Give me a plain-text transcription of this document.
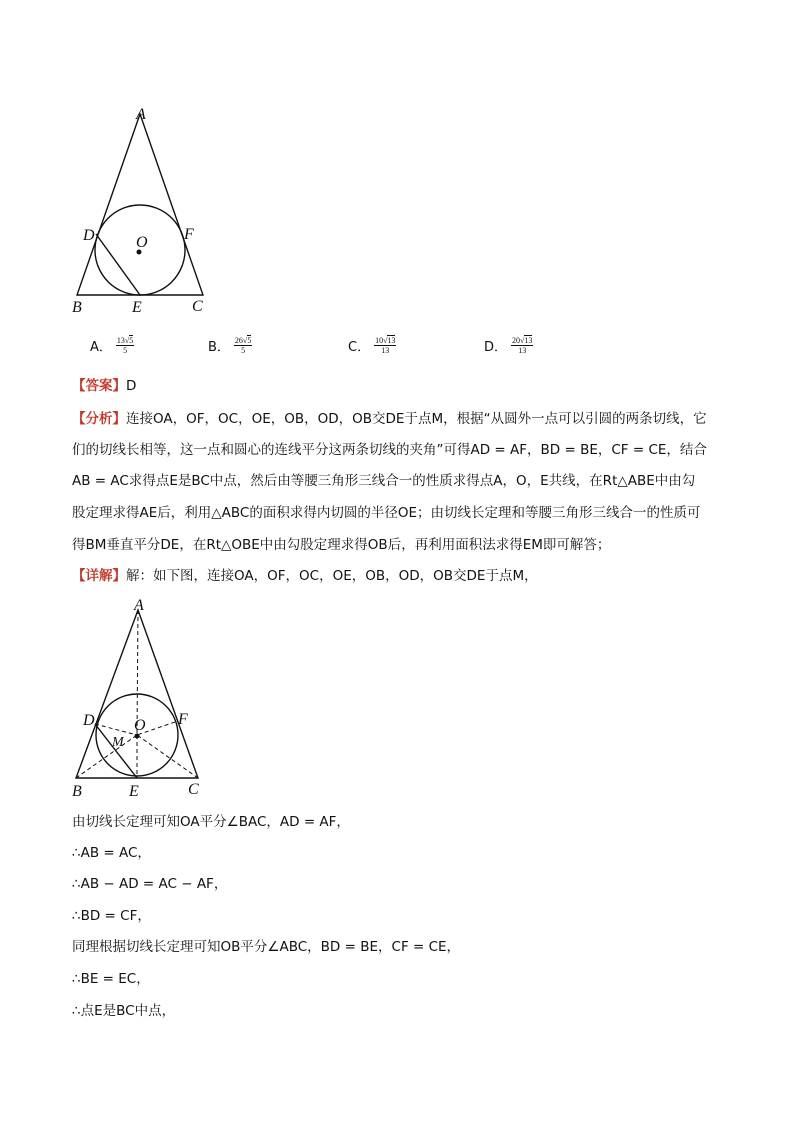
A
B	C
D
E
F
O
A． $\frac{13√5}{5}$	B． $\frac{26√5}{5}$	C． $\frac{10√13}{13}$	D． $\frac{20√13}{13}$
【答案】D
【分析】连接OA，OF，OC，OE，OB，OD，OB交DE于点M，根据“从圆外一点可以引圆的两条切线，它
们的切线长相等，这一点和圆心的连线平分这两条切线的夹角”可得AD = AF，BD = BE，CF = CE，结合
AB = AC求得点E是BC中点，然后由等腰三角形三线合一的性质求得点A，O，E共线，在Rt△ABE中由勾
股定理求得AE后，利用△ABC的面积求得内切圆的半径OE；由切线长定理和等腰三角形三线合一的性质可
得BM垂直平分DE，在Rt△OBE中由勾股定理求得OB后，再利用面积法求得EM即可解答；
【详解】解：如下图，连接OA，OF，OC，OE，OB，OD，OB交DE于点M，
A
B	C
D
E
F
O
M
由切线长定理可知OA平分∠BAC，AD = AF，
∴AB = AC，
∴AB − AD = AC − AF，
∴BD = CF，
同理根据切线长定理可知OB平分∠ABC，BD = BE，CF = CE，
∴BE = EC，
∴点E是BC中点，
